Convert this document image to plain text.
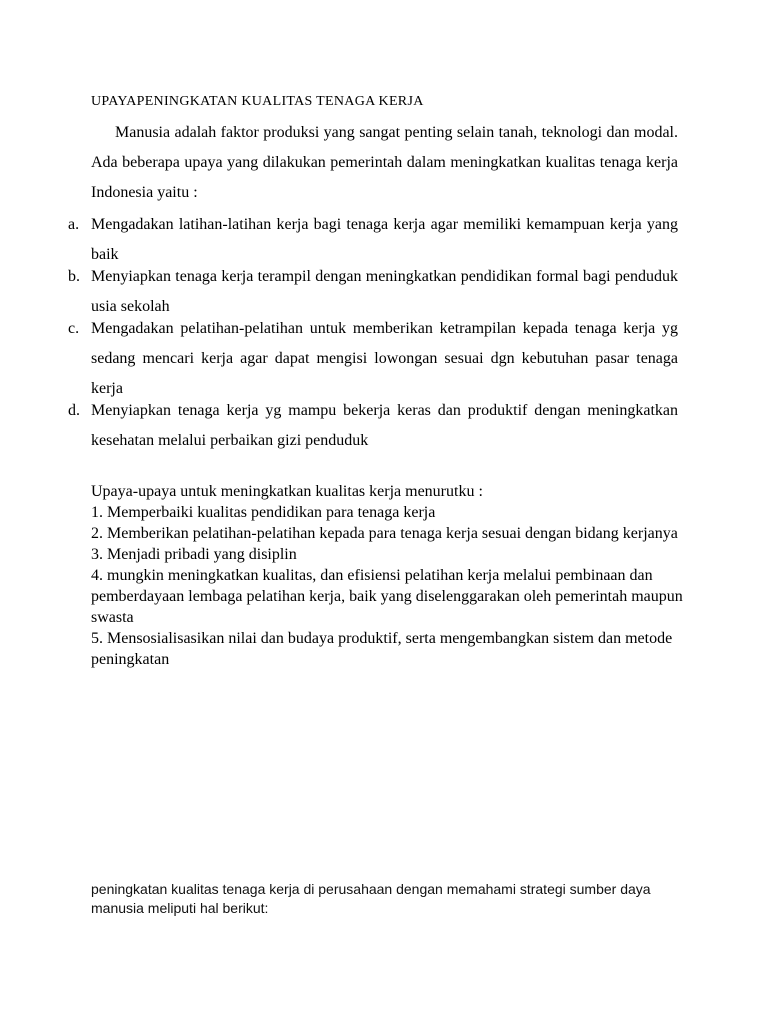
UPAYAPENINGKATAN KUALITAS TENAGA KERJA
Manusia adalah faktor produksi yang sangat penting selain tanah, teknologi dan modal. Ada beberapa upaya yang dilakukan pemerintah dalam meningkatkan kualitas tenaga kerja Indonesia yaitu :
a. Mengadakan latihan-latihan kerja bagi tenaga kerja agar memiliki kemampuan kerja yang baik
b. Menyiapkan tenaga kerja terampil dengan meningkatkan pendidikan formal bagi penduduk usia sekolah
c. Mengadakan pelatihan-pelatihan untuk memberikan ketrampilan kepada tenaga kerja yg sedang mencari kerja agar dapat mengisi lowongan sesuai dgn kebutuhan pasar tenaga kerja
d. Menyiapkan tenaga kerja yg mampu bekerja keras dan produktif dengan meningkatkan kesehatan melalui perbaikan gizi penduduk

Upaya-upaya untuk meningkatkan kualitas kerja menurutku :

1. Memperbaiki kualitas pendidikan para tenaga kerja

2. Memberikan pelatihan-pelatihan kepada para tenaga kerja sesuai dengan bidang kerjanya

3. Menjadi pribadi yang disiplin

4. mungkin meningkatkan kualitas, dan efisiensi pelatihan kerja melalui pembinaan dan pemberdayaan lembaga pelatihan kerja, baik yang diselenggarakan oleh pemerintah maupun swasta

5. Mensosialisasikan nilai dan budaya produktif, serta mengembangkan sistem dan metode peningkatan

peningkatan kualitas tenaga kerja di perusahaan dengan memahami strategi sumber daya manusia meliputi hal berikut:
